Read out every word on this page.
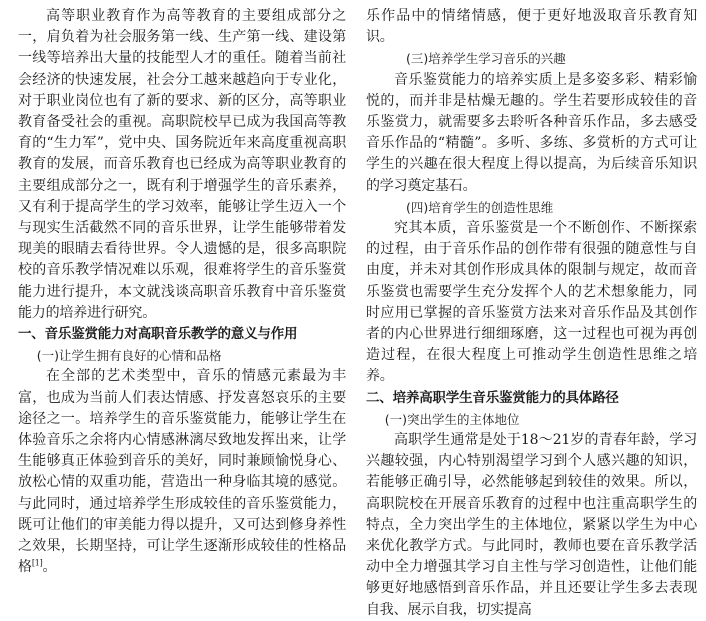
高等职业教育作为高等教育的主要组成部分之一，肩负着为社会服务第一线、生产第一线、建设第一线等培养出大量的技能型人才的重任。随着当前社会经济的快速发展，社会分工越来越趋向于专业化，对于职业岗位也有了新的要求、新的区分，高等职业教育备受社会的重视。高职院校早已成为我国高等教育的“生力军”，党中央、国务院近年来高度重视高职教育的发展，而音乐教育也已经成为高等职业教育的主要组成部分之一，既有利于增强学生的音乐素养，又有利于提高学生的学习效率，能够让学生迈入一个与现实生活截然不同的音乐世界，让学生能够带着发现美的眼睛去看待世界。令人遗憾的是，很多高职院校的音乐教学情况难以乐观，很难将学生的音乐鉴赏能力进行提升，本文就浅谈高职音乐教育中音乐鉴赏能力的培养进行研究。

一、音乐鉴赏能力对高职音乐教学的意义与作用
(一)让学生拥有良好的心情和品格

在全部的艺术类型中，音乐的情感元素最为丰富，也成为当前人们表达情感、抒发喜怒哀乐的主要途径之一。培养学生的音乐鉴赏能力，能够让学生在体验音乐之余将内心情感淋漓尽致地发挥出来，让学生能够真正体验到音乐的美好，同时兼顾愉悦身心、放松心情的双重功能，营造出一种身临其境的感觉。与此同时，通过培养学生形成较佳的音乐鉴赏能力，既可让他们的审美能力得以提升，又可达到修身养性之效果，长期坚持，可让学生逐渐形成较佳的性格品格[1]。

乐作品中的情绪情感，便于更好地汲取音乐教育知识。

(三)培养学生学习音乐的兴趣

音乐鉴赏能力的培养实质上是多姿多彩、精彩愉悦的，而并非是枯燥无趣的。学生若要形成较佳的音乐鉴赏力，就需要多去聆听各种音乐作品，多去感受音乐作品的“精髓”。多听、多练、多赏析的方式可让学生的兴趣在很大程度上得以提高，为后续音乐知识的学习奠定基石。

(四)培育学生的创造性思维

究其本质，音乐鉴赏是一个不断创作、不断探索的过程，由于音乐作品的创作带有很强的随意性与自由度，并未对其创作形成具体的限制与规定，故而音乐鉴赏也需要学生充分发挥个人的艺术想象能力，同时应用已掌握的音乐鉴赏方法来对音乐作品及其创作者的内心世界进行细细琢磨，这一过程也可视为再创造过程，在很大程度上可推动学生创造性思维之培养。

二、培养高职学生音乐鉴赏能力的具体路径
(一)突出学生的主体地位

高职学生通常是处于18～21岁的青春年龄，学习兴趣较强，内心特别渴望学习到个人感兴趣的知识，若能够正确引导，必然能够起到较佳的效果。所以，高职院校在开展音乐教育的过程中也注重高职学生的特点，全力突出学生的主体地位，紧紧以学生为中心来优化教学方式。与此同时，教师也要在音乐教学活动中全力增强其学习自主性与学习创造性，让他们能够更好地感悟到音乐作品，并且还要让学生多去表现自我、展示自我，切实提高
